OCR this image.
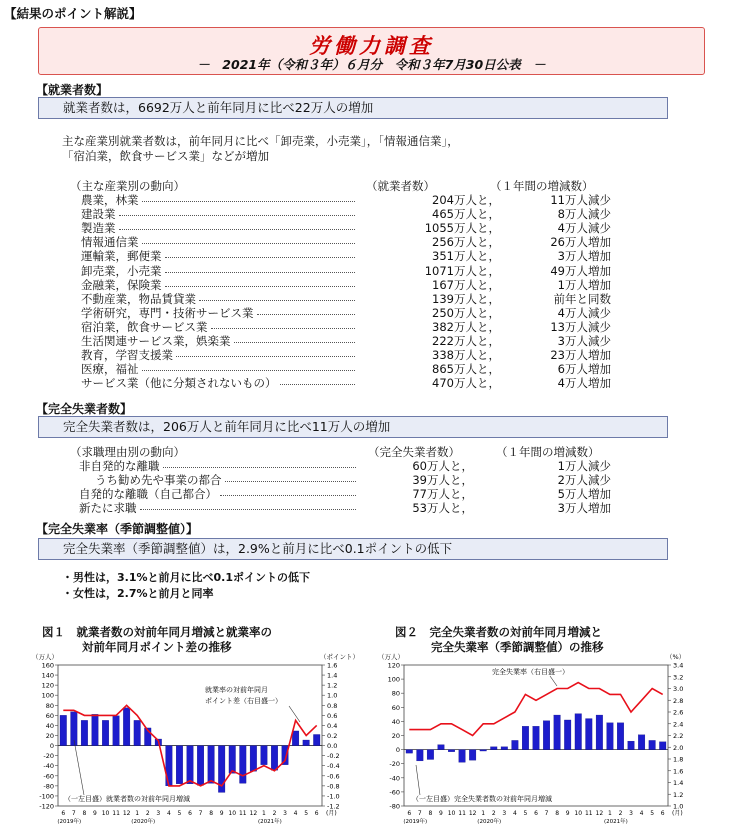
【結果のポイント解説】
労働力調査
－　2021年（令和３年）６月分　令和３年7月30日公表　－
【就業者数】
就業者数は，6692万人と前年同月に比べ22万人の増加
主な産業別就業者数は，前年同月に比べ「卸売業，小売業」，「情報通信業」，
「宿泊業，飲食サービス業」などが増加
（主な産業別の動向）	（就業者数）	（１年間の増減数）
農業，林業	204万人と，	11万人減少
建設業	465万人と，	8万人減少
製造業	1055万人と，	4万人減少
情報通信業	256万人と，	26万人増加
運輸業，郵便業	351万人と，	3万人増加
卸売業，小売業	1071万人と，	49万人増加
金融業，保険業	167万人と，	1万人増加
不動産業，物品賃貸業	139万人と，	前年と同数
学術研究，専門・技術サービス業	250万人と，	4万人減少
宿泊業，飲食サービス業	382万人と，	13万人減少
生活関連サービス業，娯楽業	222万人と，	3万人減少
教育，学習支援業	338万人と，	23万人増加
医療，福祉	865万人と，	6万人増加
サービス業（他に分類されないもの）	470万人と，	4万人増加
【完全失業者数】
完全失業者数は，206万人と前年同月に比べ11万人の増加
（求職理由別の動向）	（完全失業者数）	（１年間の増減数）
非自発的な離職	60万人と，	1万人減少
うち勧め先や事業の都合	39万人と，	2万人減少
自発的な離職（自己都合）	77万人と，	5万人増加
新たに求職	53万人と，	3万人増加
【完全失業率（季節調整値）】
完全失業率（季節調整値）は，2.9%と前月に比べ0.1ポイントの低下
・男性は，3.1%と前月に比べ0.1ポイントの低下
・女性は，2.7%と前月と同率
図１　就業者数の対前年同月増減と就業率の
対前年同月ポイント差の推移
図２　完全失業者数の対前年同月増減と
完全失業率（季節調整値）の推移
160
140
120
100
80
60
40
20
0
-20
-40
-60
-80
-100
-120
1.6
1.4
1.2
1.0
0.8
0.6
0.4
0.2
0.0
-0.2
-0.4
-0.6
-0.8
-1.0
-1.2
（万人）	（ポイント）
6 7 8 9 10 11 12 1 2 3 4 5 6 7 8 9 10 11 12 1 2 3 4 5 6 (月)
(2019年)	(2020年)	(2021年)
就業率の対前年同月
ポイント差（右目盛一）
（一左目盛）就業者数の対前年同月増減
120
100
80
60
40
20
0
-20
-40
-60
-80
3.4
3.2
3.0
2.8
2.6
2.4
2.2
2.0
1.8
1.6
1.4
1.2
1.0
（万人）	（%）
6 7 8 9 10 11 12 1 2 3 4 5 6 7 8 9 10 11 12 1 2 3 4 5 6 (月)
(2019年)	(2020年)	(2021年)
完全失業率（右目盛一）
（一左目盛）完全失業者数の対前年同月増減
